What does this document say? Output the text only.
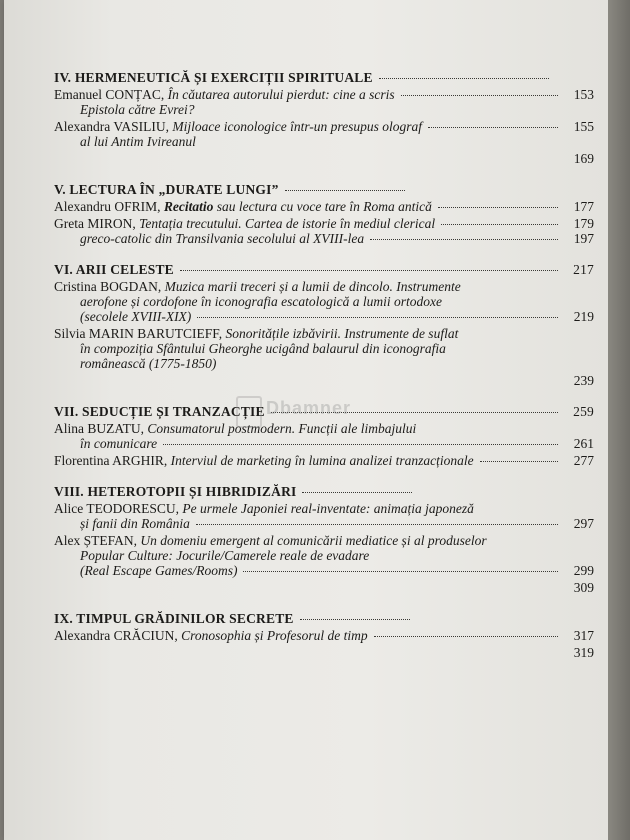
IV. HERMENEUTICĂ ȘI EXERCIȚII SPIRITUALE
Emanuel CONȚAC, În căutarea autorului pierdut: cine a scris	153
Epistola către Evrei?
Alexandra VASILIU, Mijloace iconologice într-un presupus olograf	155
al lui Antim Ivireanul
169
V. LECTURA ÎN „DURATE LUNGI”
Alexandru OFRIM, Recitatio sau lectura cu voce tare în Roma antică	177
Greta MIRON, Tentația trecutului. Cartea de istorie în mediul clerical	179
greco-catolic din Transilvania secolului al XVIII-lea	197
VI. ARII CELESTE	217
Cristina BOGDAN, Muzica marii treceri și a lumii de dincolo. Instrumente
aerofone și cordofone în iconografia escatologică a lumii ortodoxe
(secolele XVIII-XIX)	219
Silvia MARIN BARUTCIEFF, Sonoritățile izbăvirii. Instrumente de suflat
în compoziția Sfântului Gheorghe ucigând balaurul din iconografia
românească (1775-1850)
239
VII. SEDUCȚIE ȘI TRANZACȚIE	259
Alina BUZATU, Consumatorul postmodern. Funcții ale limbajului
în comunicare	261
Florentina ARGHIR, Interviul de marketing în lumina analizei tranzacționale	277
VIII. HETEROTOPII ȘI HIBRIDIZĂRI
Alice TEODORESCU, Pe urmele Japoniei real-inventate: animația japoneză
și fanii din România	297
Alex ȘTEFAN, Un domeniu emergent al comunicării mediatice și al produselor
Popular Culture: Jocurile/Camerele reale de evadare
(Real Escape Games/Rooms)	299
309
IX. TIMPUL GRĂDINILOR SECRETE
Alexandra CRĂCIUN, Cronosophia și Profesorul de timp	317
319
Dbamner
